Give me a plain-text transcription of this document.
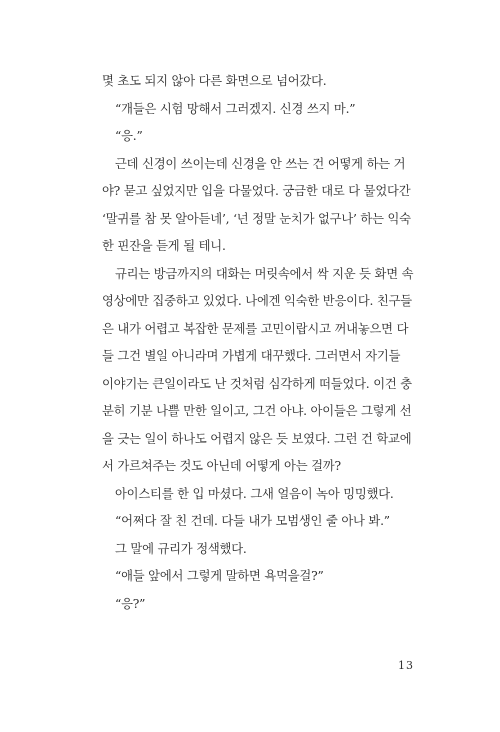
몇 초도 되지 않아 다른 화면으로 넘어갔다.
“개들은 시험 망해서 그러겠지. 신경 쓰지 마.”
“응.”
근데 신경이 쓰이는데 신경을 안 쓰는 건 어떻게 하는 거
야? 묻고 싶었지만 입을 다물었다. 궁금한 대로 다 물었다간
‘말귀를 참 못 알아듣네’, ‘넌 정말 눈치가 없구나’ 하는 익숙
한 핀잔을 듣게 될 테니.
규리는 방금까지의 대화는 머릿속에서 싹 지운 듯 화면 속
영상에만 집중하고 있었다. 나에겐 익숙한 반응이다. 친구들
은 내가 어렵고 복잡한 문제를 고민이랍시고 꺼내놓으면 다
들 그건 별일 아니라며 가볍게 대꾸했다. 그러면서 자기들
이야기는 큰일이라도 난 것처럼 심각하게 떠들었다. 이건 충
분히 기분 나쁠 만한 일이고, 그건 아냐. 아이들은 그렇게 선
을 긋는 일이 하나도 어렵지 않은 듯 보였다. 그런 건 학교에
서 가르쳐주는 것도 아닌데 어떻게 아는 걸까?
아이스티를 한 입 마셨다. 그새 얼음이 녹아 밍밍했다.
“어쩌다 잘 친 건데. 다들 내가 모범생인 줄 아나 봐.”
그 말에 규리가 정색했다.
“애들 앞에서 그렇게 말하면 욕먹을걸?”
“응?”
13
